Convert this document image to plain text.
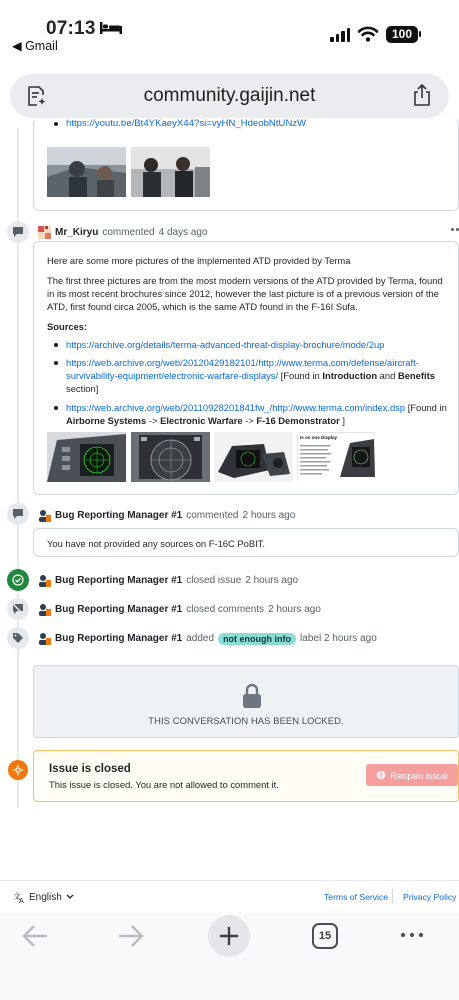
07:13
◀ Gmail
100
community.gaijin.net
https://youtu.be/Bt4YKaeyX44?si=vyHN_HdeobNtUNzW
Mr_Kiryu commented 4 days ago

Here are some more pictures of the implemented ATD provided by Terma

The first three pictures are from the most modern versions of the ATD provided by Terma, found in its most recent brochures since 2012, however the last picture is of a previous version of the ATD, first found circa 2005, which is the same ATD found in the F-16I Sufa.

Sources:

https://archive.org/details/terma-advanced-threat-display-brochure/mode/2up
https://web.archive.org/web/20120429182101/http://www.terma.com/defense/aircraft-survivability-equipment/electronic-warfare-displays/ [Found in Introduction and Benefits section]
https://web.archive.org/web/20110928201841fw_/http://www.terma.com/index.dsp [Found in Airborne Systems -> Electronic Warfare -> F-16 Demonstrator ]
Is on one Display
Bug Reporting Manager #1 commented 2 hours ago

You have not provided any sources on F-16C PoBIT.

Bug Reporting Manager #1 closed issue 2 hours ago
Bug Reporting Manager #1 closed comments 2 hours ago
Bug Reporting Manager #1 added	not enough info label 2 hours ago
THIS CONVERSATION HAS BEEN LOCKED.
Issue is closed
This issue is closed. You are not allowed to comment it.
Reopen issue
文
A English	Terms of Service Privacy Policy
15
